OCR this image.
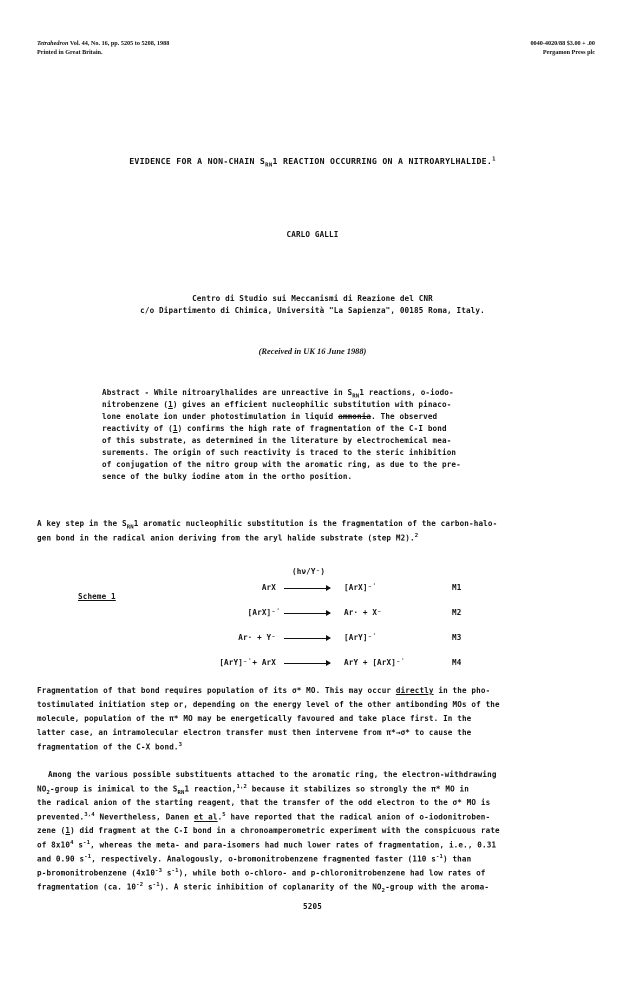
Tetrahedron Vol. 44, No. 16, pp. 5205 to 5208, 1988
Printed in Great Britain.
0040-4020/88 $3.00 + .00
Pergamon Press plc
EVIDENCE FOR A NON-CHAIN $S_{RN}1$ REACTION OCCURRING ON A NITROARYLHALIDE.$^1$
CARLO GALLI
Centro di Studio sui Meccanismi di Reazione del CNR
c/o Dipartimento di Chimica, Università "La Sapienza", 00185 Roma, Italy.
(Received in UK 16 June 1988)
Abstract - While nitroarylhalides are unreactive in $S_{RN}1$ reactions, o-iodo-
nitrobenzene (1) gives an efficient nucleophilic substitution with pinaco-
lone enolate ion under photostimulation in liquid ammonia. The observed
reactivity of (1) confirms the high rate of fragmentation of the C-I bond
of this substrate, as determined in the literature by electrochemical mea-
surements. The origin of such reactivity is traced to the steric inhibition
of conjugation of the nitro group with the aromatic ring, as due to the pre-
sence of the bulky iodine atom in the ortho position.
A key step in the $S_{RN}1$ aromatic nucleophilic substitution is the fragmentation of the carbon-halo-
gen bond in the radical anion deriving from the aryl halide substrate (step M2).$^2$
Scheme 1
(hν/Y⁻)
ArX	[ArX]⁻̇	M1
[ArX]⁻̇	Ar· + X⁻	M2
Ar· + Y⁻	[ArY]⁻̇	M3
[ArY]⁻̇ + ArX	ArY + [ArX]⁻̇	M4
Fragmentation of that bond requires population of its σ* MO. This may occur directly in the pho-
tostimulated initiation step or, depending on the energy level of the other antibonding MOs of the
molecule, population of the π* MO may be energetically favoured and take place first. In the
latter case, an intramolecular electron transfer must then intervene from π*→σ* to cause the
fragmentation of the C-X bond.$^3$
Among the various possible substituents attached to the aromatic ring, the electron-withdrawing
$NO_2$-group is inimical to the $S_{RN}1$ reaction,$^{1,2}$ because it stabilizes so strongly the π* MO in
the radical anion of the starting reagent, that the transfer of the odd electron to the σ* MO is
prevented.$^{3,4}$ Nevertheless, Danen et al.$^5$ have reported that the radical anion of o-iodonitroben-
zene (1) did fragment at the C-I bond in a chronoamperometric experiment with the conspicuous rate
of $8x10^4$ $s^{-1}$, whereas the meta- and para-isomers had much lower rates of fragmentation, i.e., 0.31
and 0.90 $s^{-1}$, respectively. Analogously, o-bromonitrobenzene fragmented faster (110 $s^{-1}$) than
p-bromonitrobenzene ($4x10^{-3}$ $s^{-1}$), while both o-chloro- and p-chloronitrobenzene had low rates of
fragmentation (ca. $10^{-2}$ $s^{-1}$). A steric inhibition of coplanarity of the $NO_2$-group with the aroma-
5205
